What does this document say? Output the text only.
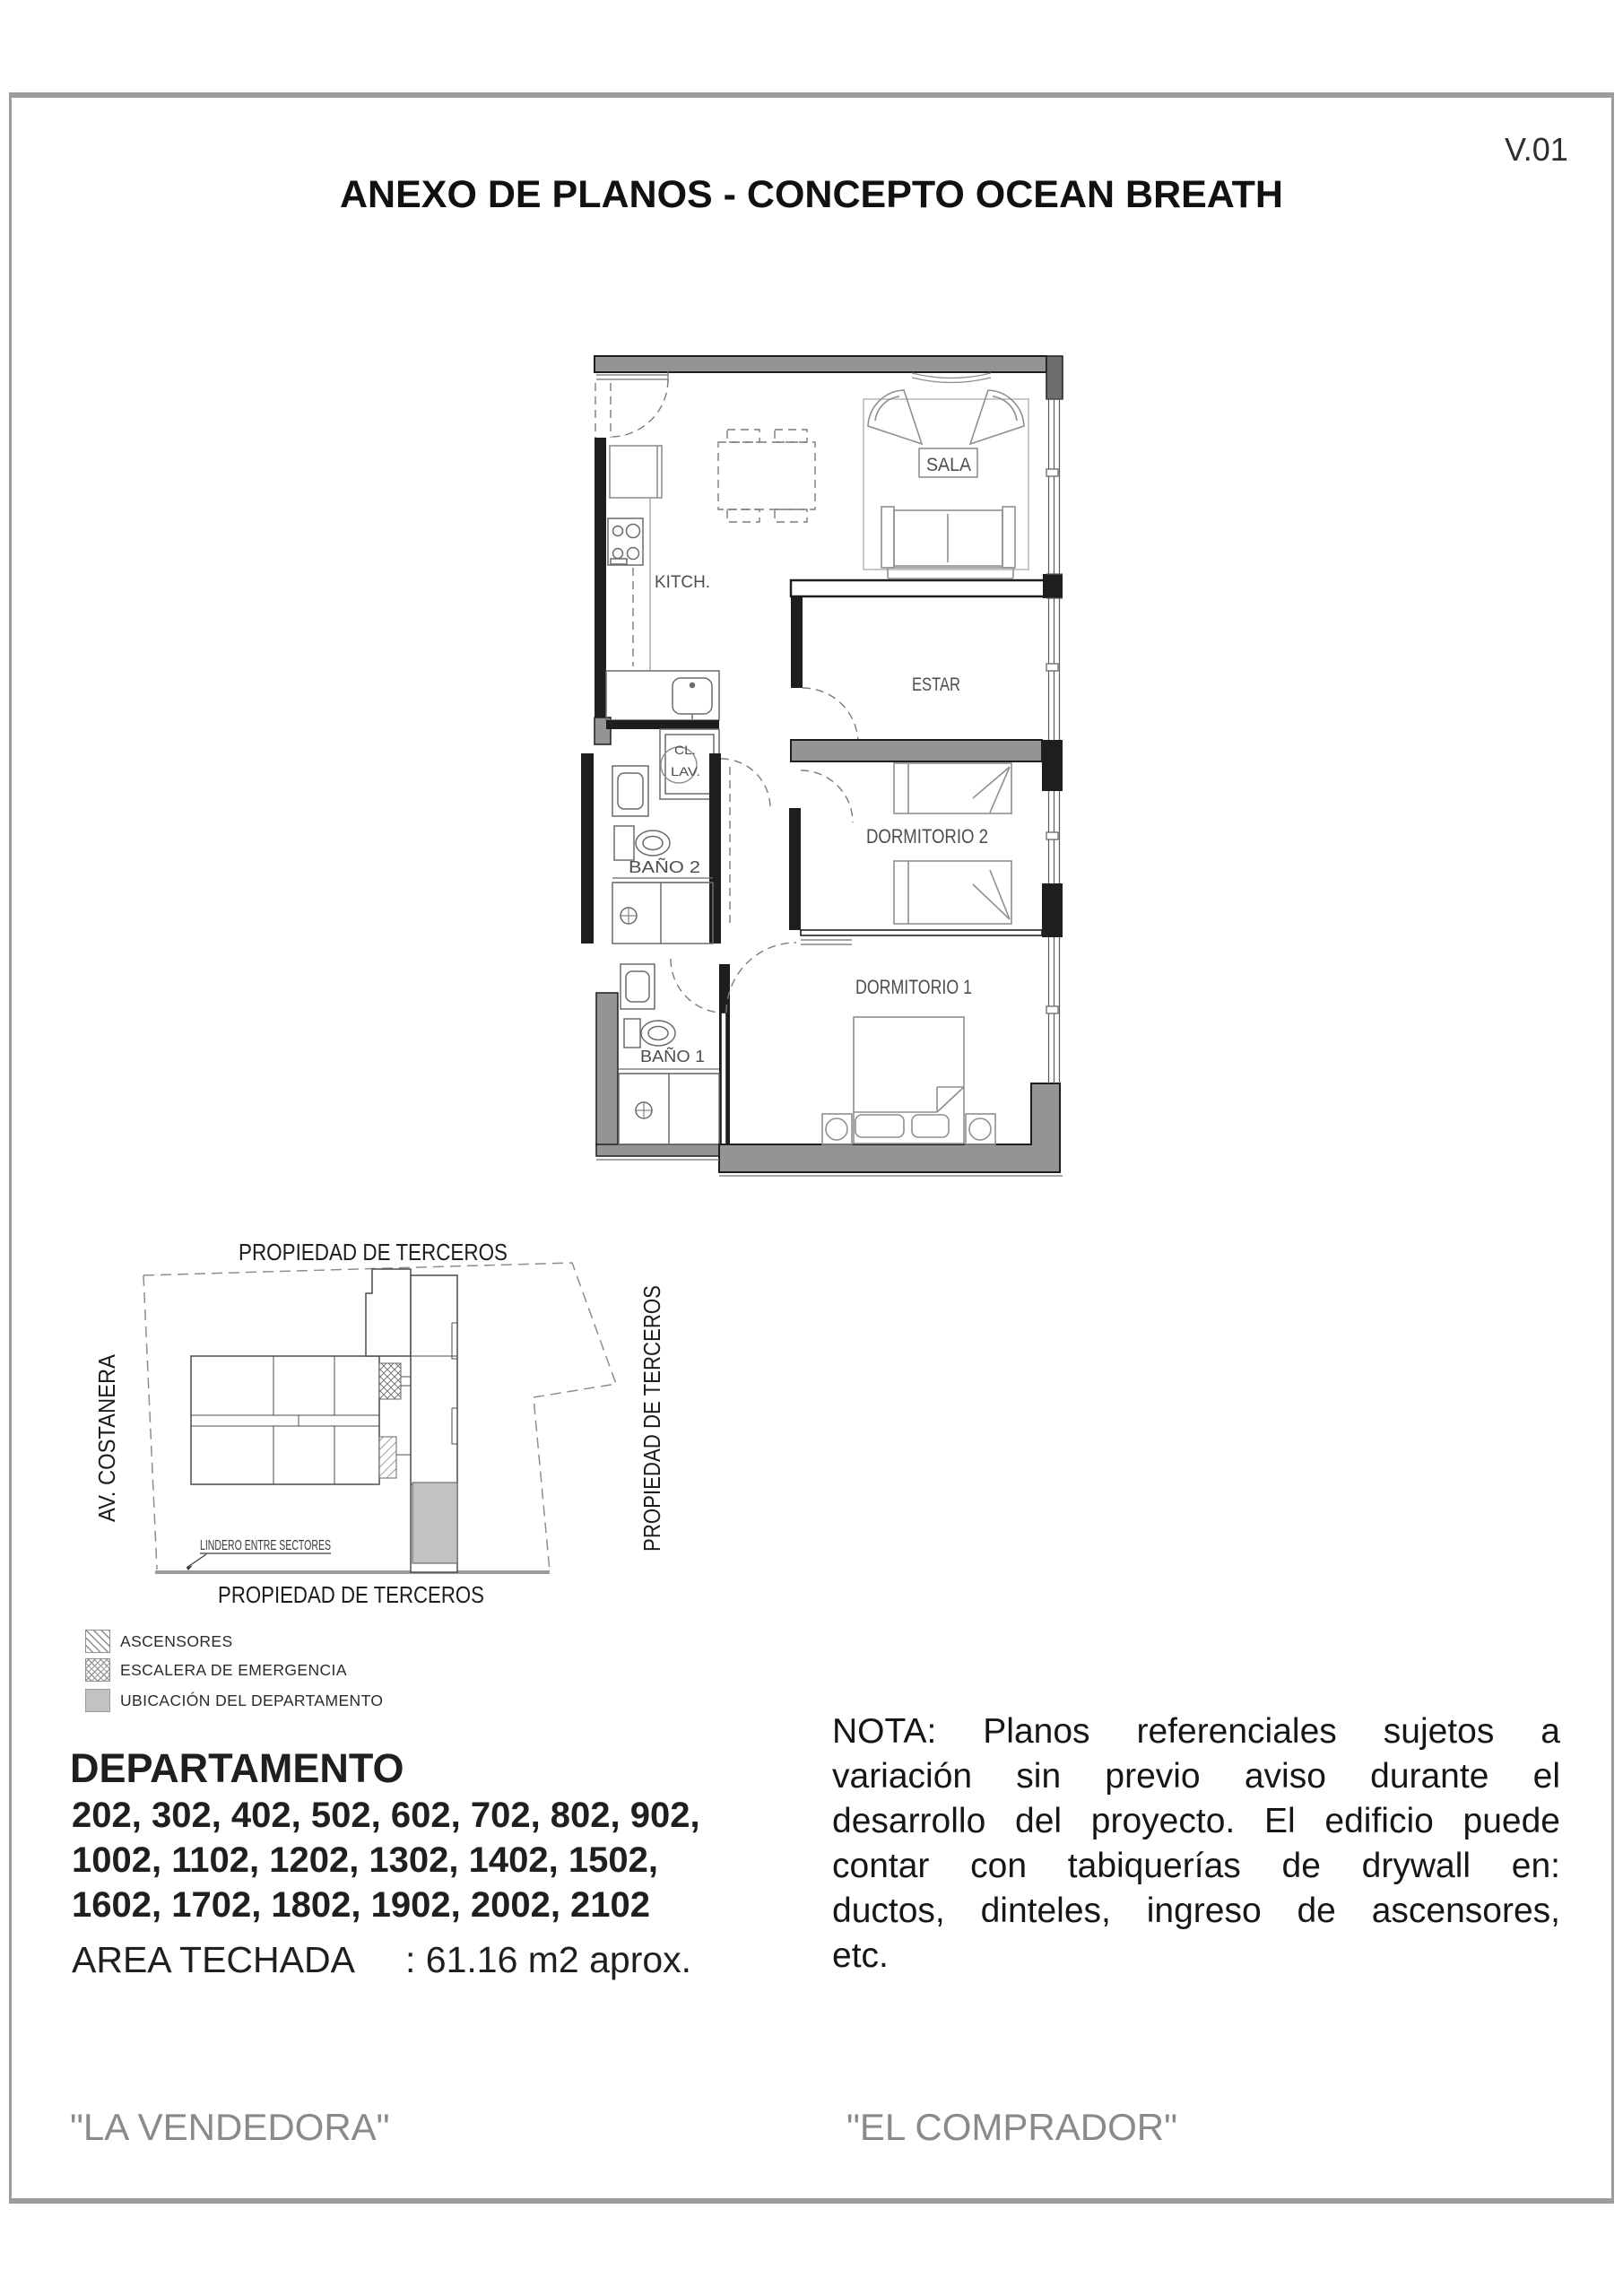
V.01
ANEXO DE PLANOS - CONCEPTO OCEAN BREATH
SALA
KITCH.
ESTAR
DORMITORIO 2
DORMITORIO 1
BAÑO 2
BAÑO 1
CL.
LAV.
PROPIEDAD DE TERCEROS
AV. COSTANERA	PROPIEDAD DE TERCEROS
PROPIEDAD DE TERCEROS
LINDERO ENTRE SECTORES
ASCENSORES
ESCALERA DE EMERGENCIA
UBICACIÓN DEL DEPARTAMENTO
DEPARTAMENTO
202, 302, 402, 502, 602, 702, 802, 902,
1002, 1102, 1202, 1302, 1402, 1502,
1602, 1702, 1802, 1902, 2002, 2102
AREA TECHADA	: 61.16 m2 aprox.
NOTA: Planos referenciales sujetos a
variación sin previo aviso durante el
desarrollo del proyecto. El edificio puede
contar con tabiquerías de drywall en:
ductos, dinteles, ingreso de ascensores,
etc.
"LA VENDEDORA"	"EL COMPRADOR"
